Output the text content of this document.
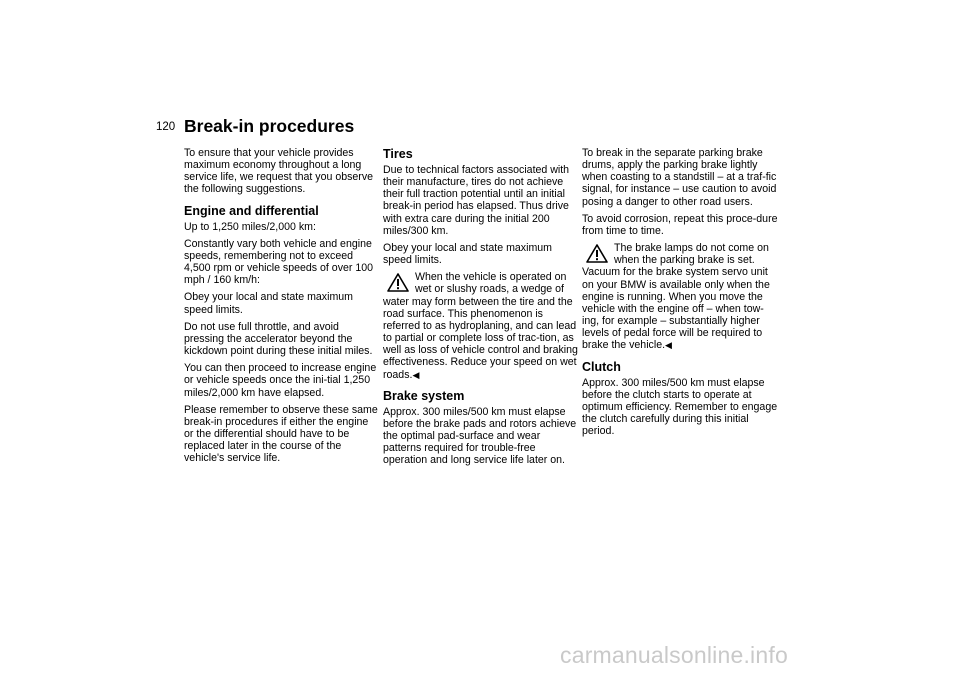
120 Break-in procedures

To ensure that your vehicle provides maximum economy throughout a long service life, we request that you observe the following suggestions.

Engine and differential

Up to 1,250 miles/2,000 km:

Constantly vary both vehicle and engine speeds, remembering not to exceed 4,500 rpm or vehicle speeds of over 100 mph / 160 km/h:

Obey your local and state maximum speed limits.

Do not use full throttle, and avoid pressing the accelerator beyond the kickdown point during these initial miles.

You can then proceed to increase engine or vehicle speeds once the ini-tial 1,250 miles/2,000 km have elapsed.

Please remember to observe these same break-in procedures if either the engine or the differential should have to be replaced later in the course of the vehicle's service life.

Tires

Due to technical factors associated with their manufacture, tires do not achieve their full traction potential until an initial break-in period has elapsed. Thus drive with extra care during the initial 200 miles/300 km.

Obey your local and state maximum speed limits.

When the vehicle is operated on wet or slushy roads, a wedge of water may form between the tire and the road surface. This phenomenon is referred to as hydroplaning, and can lead to partial or complete loss of trac-tion, as well as loss of vehicle control and braking effectiveness. Reduce your speed on wet roads.◀

Brake system

Approx. 300 miles/500 km must elapse before the brake pads and rotors achieve the optimal pad-surface and wear patterns required for trouble-free operation and long service life later on.

To break in the separate parking brake drums, apply the parking brake lightly when coasting to a standstill – at a traf-fic signal, for instance – use caution to avoid posing a danger to other road users.

To avoid corrosion, repeat this proce-dure from time to time.

The brake lamps do not come on when the parking brake is set. Vacuum for the brake system servo unit on your BMW is available only when the engine is running. When you move the vehicle with the engine off – when tow-ing, for example – substantially higher levels of pedal force will be required to brake the vehicle.◀

Clutch

Approx. 300 miles/500 km must elapse before the clutch starts to operate at optimum efficiency. Remember to engage the clutch carefully during this initial period.

carmanualsonline.info
